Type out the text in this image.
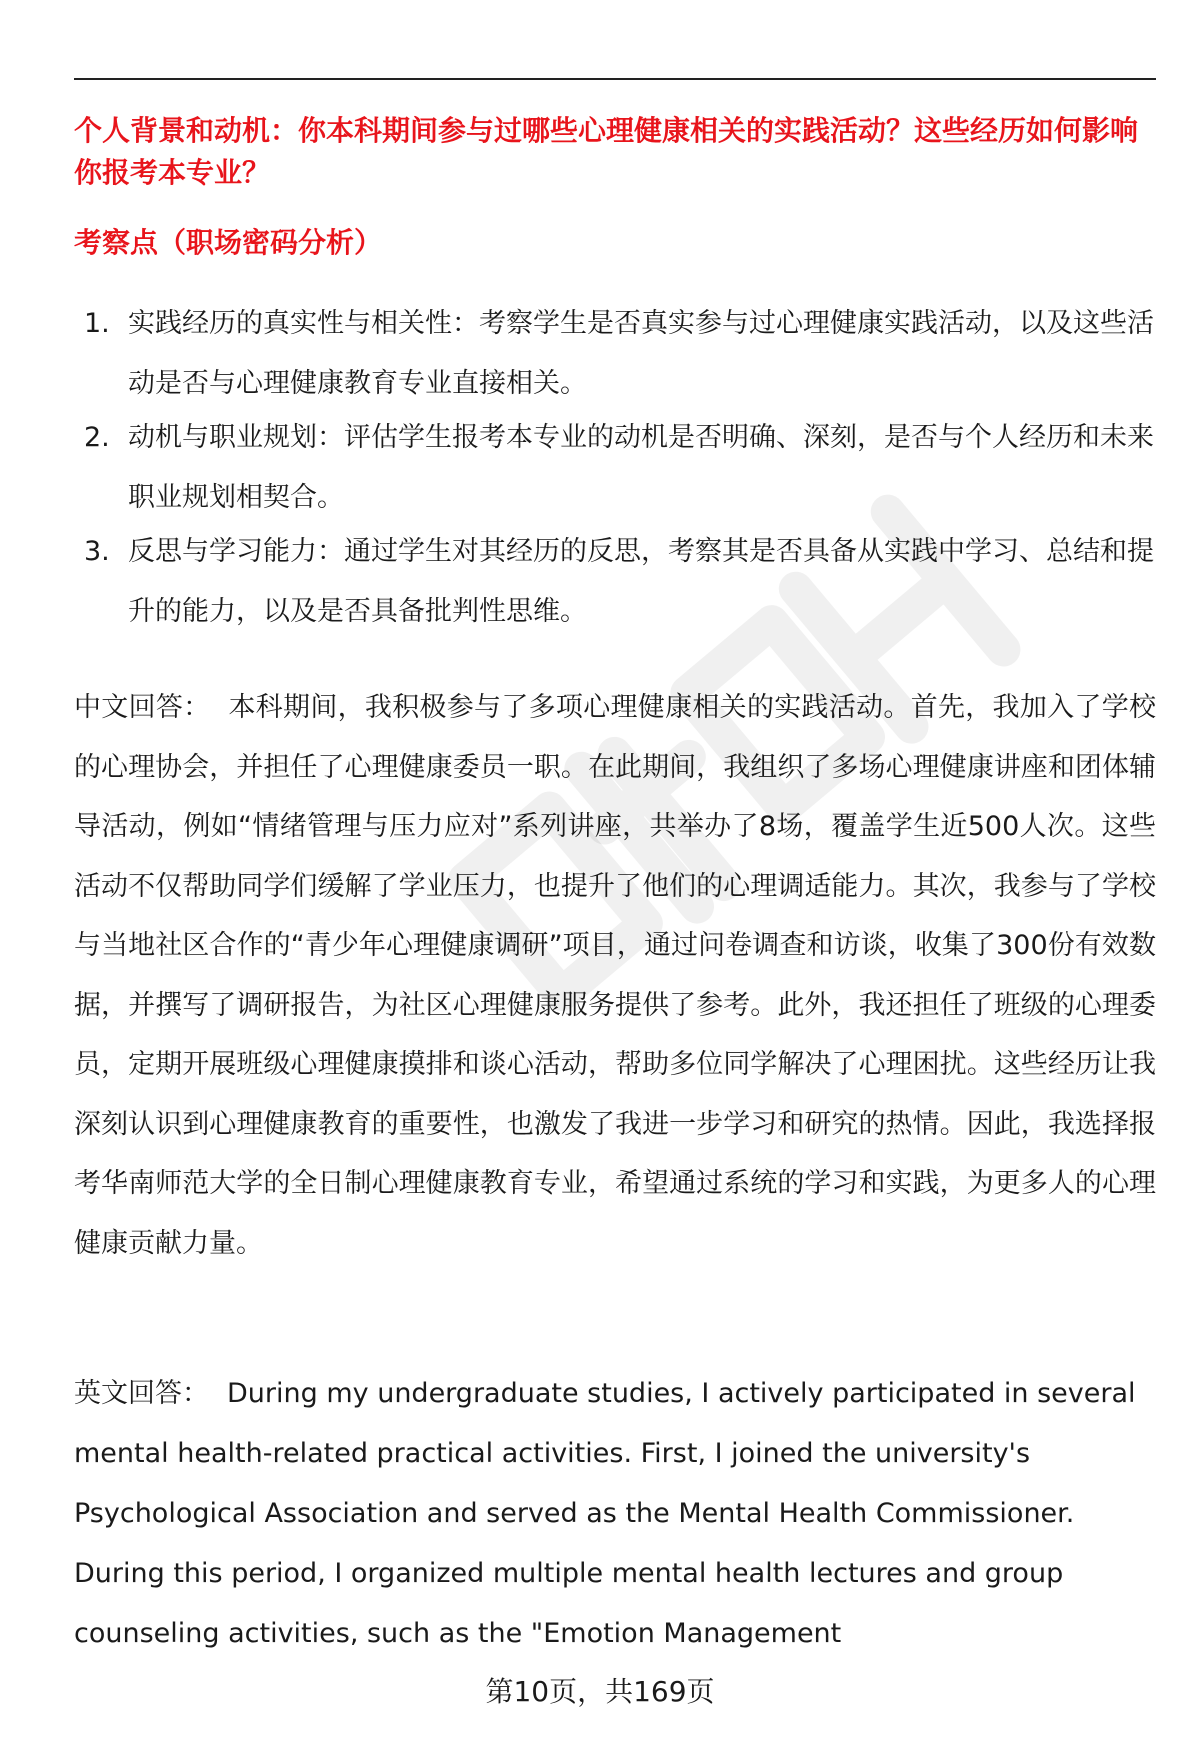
个人背景和动机：你本科期间参与过哪些心理健康相关的实践活动？这些经历如何影响你报考本专业？

考察点（职场密码分析）

1. 实践经历的真实性与相关性：考察学生是否真实参与过心理健康实践活动，以及这些活动是否与心理健康教育专业直接相关。
2. 动机与职业规划：评估学生报考本专业的动机是否明确、深刻，是否与个人经历和未来职业规划相契合。
3. 反思与学习能力：通过学生对其经历的反思，考察其是否具备从实践中学习、总结和提升的能力，以及是否具备批判性思维。

中文回答： 本科期间，我积极参与了多项心理健康相关的实践活动。首先，我加入了学校的心理协会，并担任了心理健康委员一职。在此期间，我组织了多场心理健康讲座和团体辅导活动，例如“情绪管理与压力应对”系列讲座，共举办了8场，覆盖学生近500人次。这些活动不仅帮助同学们缓解了学业压力，也提升了他们的心理调适能力。其次，我参与了学校与当地社区合作的“青少年心理健康调研”项目，通过问卷调查和访谈，收集了300份有效数据，并撰写了调研报告，为社区心理健康服务提供了参考。此外，我还担任了班级的心理委员，定期开展班级心理健康摸排和谈心活动，帮助多位同学解决了心理困扰。这些经历让我深刻认识到心理健康教育的重要性，也激发了我进一步学习和研究的热情。因此，我选择报考华南师范大学的全日制心理健康教育专业，希望通过系统的学习和实践，为更多人的心理健康贡献力量。

英文回答： During my undergraduate studies, I actively participated in several mental health-related practical activities. First, I joined the university's Psychological Association and served as the Mental Health Commissioner. During this period, I organized multiple mental health lectures and group counseling activities, such as the "Emotion Management

第10页，共169页
